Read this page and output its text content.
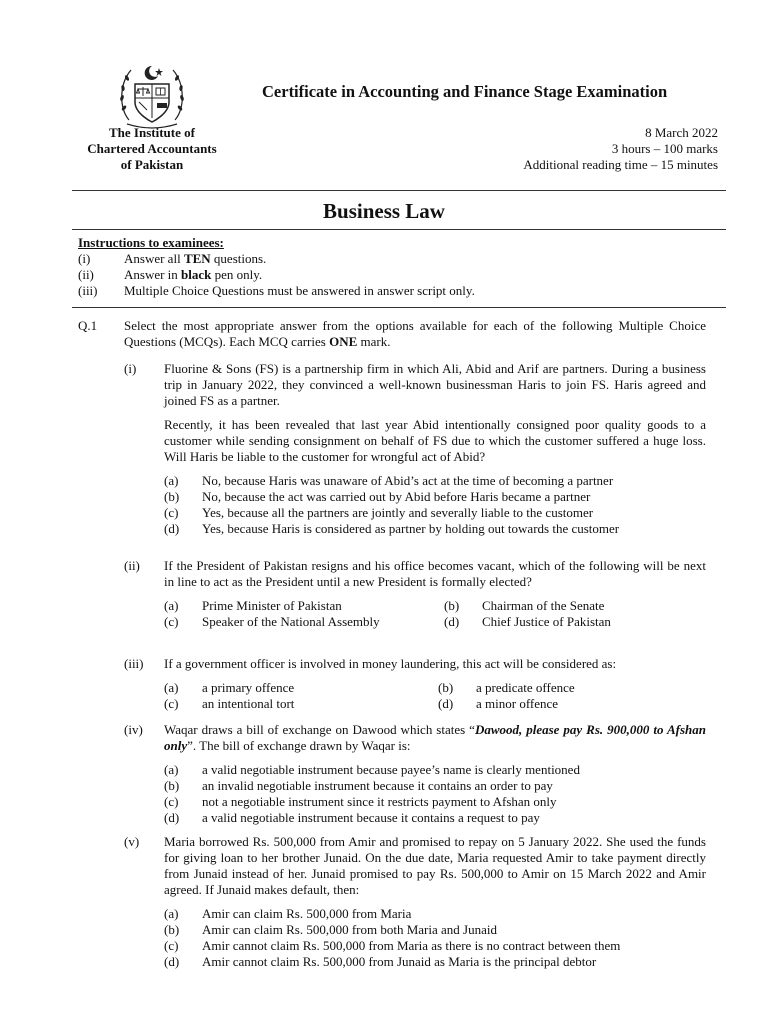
Certificate in Accounting and Finance Stage Examination
The Institute of
Chartered Accountants
of Pakistan
8 March 2022
3 hours – 100 marks
Additional reading time – 15 minutes
Business Law
Instructions to examinees:
(i)	Answer all TEN questions.
(ii)	Answer in black pen only.
(iii)	Multiple Choice Questions must be answered in answer script only.
Q.1 Select the most appropriate answer from the options available for each of the following Multiple Choice Questions (MCQs). Each MCQ carries ONE mark.
(i) Fluorine & Sons (FS) is a partnership firm in which Ali, Abid and Arif are partners. During a business trip in January 2022, they convinced a well-known businessman Haris to join FS. Haris agreed and joined FS as a partner.

Recently, it has been revealed that last year Abid intentionally consigned poor quality goods to a customer while sending consignment on behalf of FS due to which the customer suffered a huge loss. Will Haris be liable to the customer for wrongful act of Abid?

(a)	No, because Haris was unaware of Abid’s act at the time of becoming a partner
(b)	No, because the act was carried out by Abid before Haris became a partner
(c)	Yes, because all the partners are jointly and severally liable to the customer
(d)	Yes, because Haris is considered as partner by holding out towards the customer
(ii) If the President of Pakistan resigns and his office becomes vacant, which of the following will be next in line to act as the President until a new President is formally elected?

(a)	Prime Minister of Pakistan	(b)	Chairman of the Senate
(c)	Speaker of the National Assembly	(d)	Chief Justice of Pakistan
(iii) If a government officer is involved in money laundering, this act will be considered as:

(a)	a primary offence	(b)	a predicate offence
(c)	an intentional tort	(d)	a minor offence
(iv) Waqar draws a bill of exchange on Dawood which states “Dawood, please pay Rs. 900,000 to Afshan only”. The bill of exchange drawn by Waqar is:

(a)	a valid negotiable instrument because payee’s name is clearly mentioned
(b)	an invalid negotiable instrument because it contains an order to pay
(c)	not a negotiable instrument since it restricts payment to Afshan only
(d)	a valid negotiable instrument because it contains a request to pay
(v) Maria borrowed Rs. 500,000 from Amir and promised to repay on 5 January 2022. She used the funds for giving loan to her brother Junaid. On the due date, Maria requested Amir to take payment directly from Junaid instead of her. Junaid promised to pay Rs. 500,000 to Amir on 15 March 2022 and Amir agreed. If Junaid makes default, then:

(a)	Amir can claim Rs. 500,000 from Maria
(b)	Amir can claim Rs. 500,000 from both Maria and Junaid
(c)	Amir cannot claim Rs. 500,000 from Maria as there is no contract between them
(d)	Amir cannot claim Rs. 500,000 from Junaid as Maria is the principal debtor
